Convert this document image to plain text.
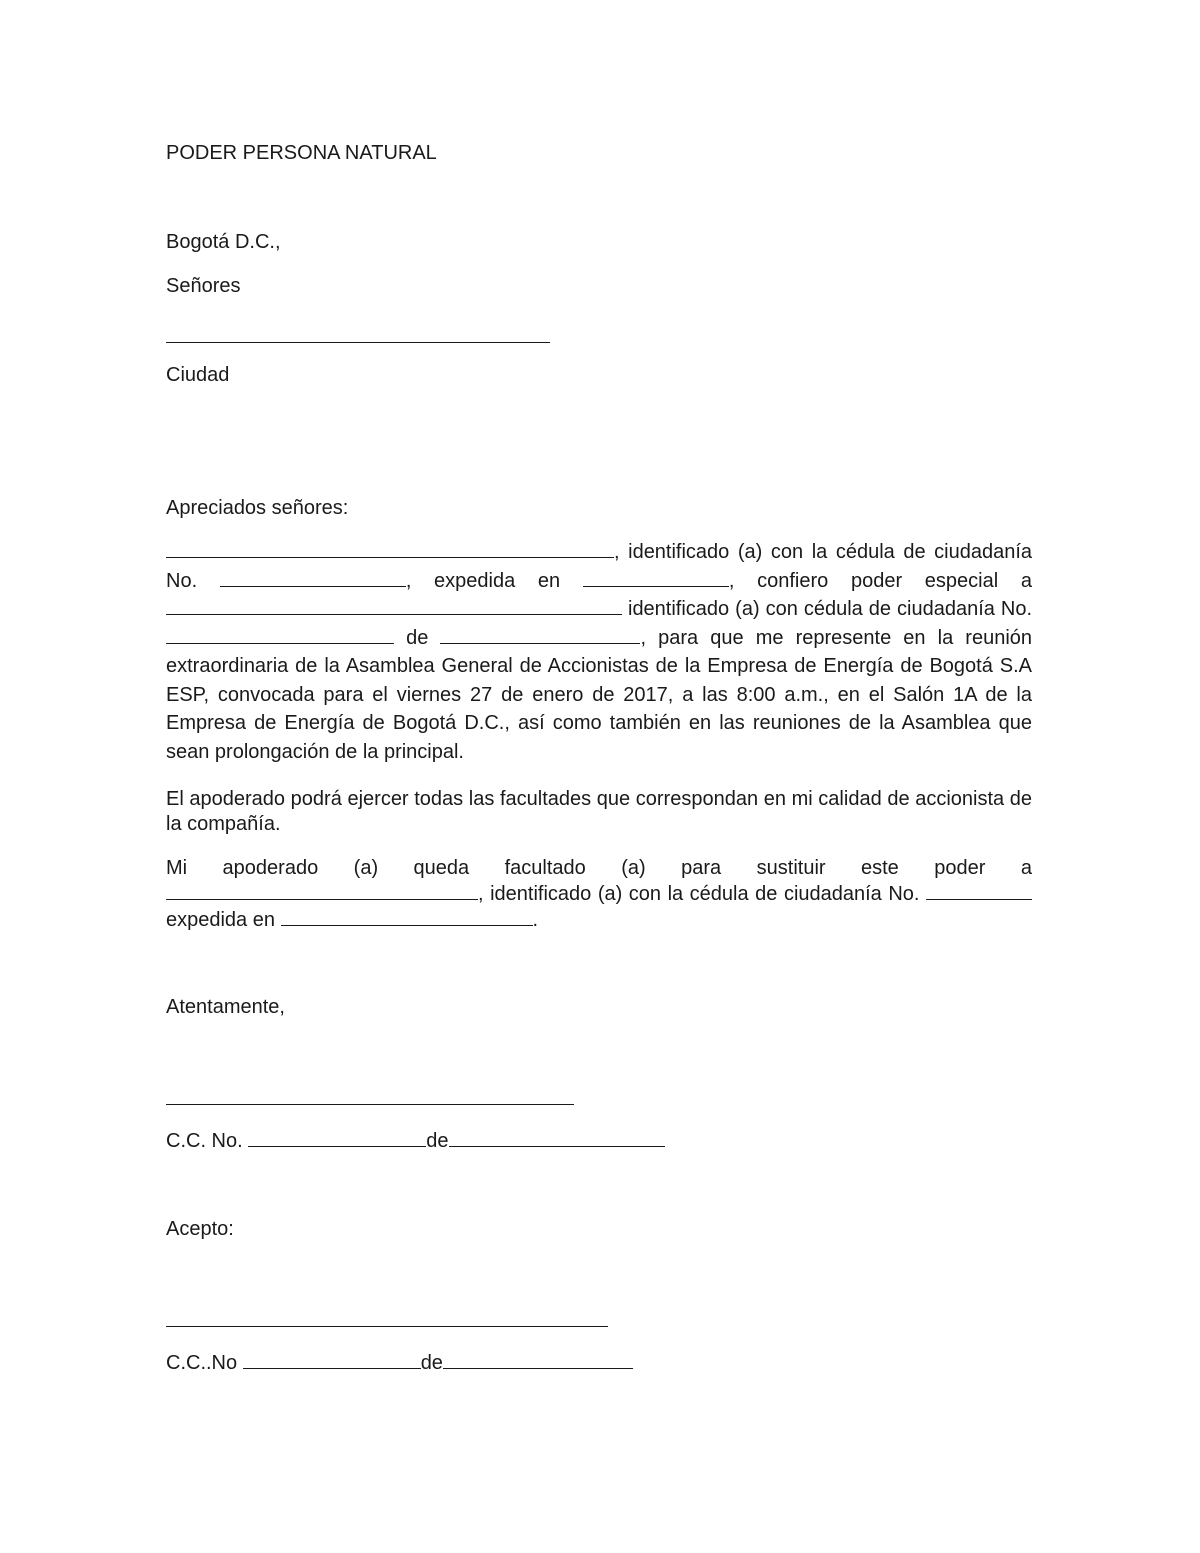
PODER PERSONA NATURAL
Bogotá D.C.,
Señores
Ciudad
Apreciados señores:
, identificado (a) con la cédula de ciudadanía No.	, expedida en	, confiero poder especial a  identificado (a) con cédula de ciudadanía No. de	, para que me represente en la reunión extraordinaria de la Asamblea General de Accionistas de la Empresa de Energía de Bogotá S.A ESP, convocada para el viernes 27 de enero de 2017, a las 8:00 a.m., en el Salón 1A de la Empresa de Energía de Bogotá D.C., así como también en las reuniones de la Asamblea que sean prolongación de la principal.
El apoderado podrá ejercer todas las facultades que correspondan en mi calidad de accionista de la compañía.
Mi apoderado (a) queda facultado (a) para sustituir este poder a , identificado (a) con la cédula de ciudadanía No.  expedida en	.
Atentamente,
C.C. No.	de
Acepto:
C.C..No	de
